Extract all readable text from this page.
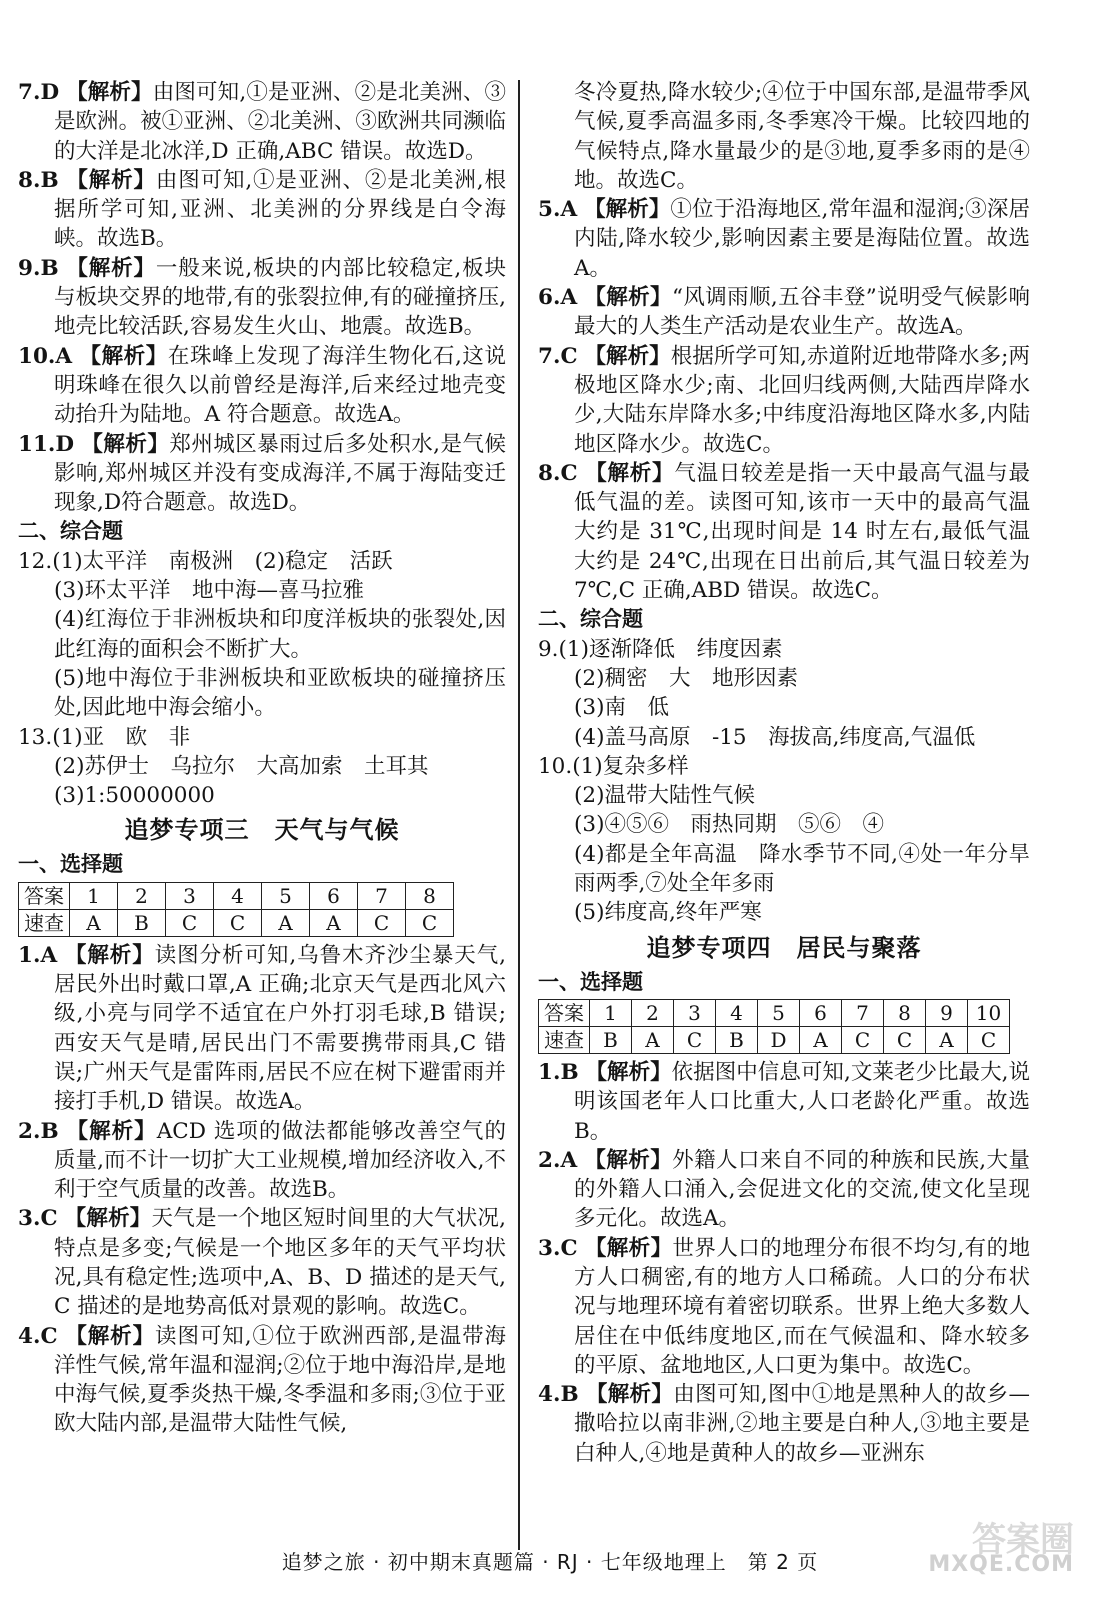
7.D 【解析】由图可知,①是亚洲、②是北美洲、③是欧洲。被①亚洲、②北美洲、③欧洲共同濒临的大洋是北冰洋,D 正确,ABC 错误。故选D。
8.B 【解析】由图可知,①是亚洲、②是北美洲,根据所学可知,亚洲、北美洲的分界线是白令海峡。故选B。
9.B 【解析】一般来说,板块的内部比较稳定,板块与板块交界的地带,有的张裂拉伸,有的碰撞挤压,地壳比较活跃,容易发生火山、地震。故选B。
10.A 【解析】在珠峰上发现了海洋生物化石,这说明珠峰在很久以前曾经是海洋,后来经过地壳变动抬升为陆地。A 符合题意。故选A。
11.D 【解析】郑州城区暴雨过后多处积水,是气候影响,郑州城区并没有变成海洋,不属于海陆变迁现象,D符合题意。故选D。
二、综合题
12.(1)太平洋　南极洲　(2)稳定　活跃
(3)环太平洋　地中海—喜马拉雅
(4)红海位于非洲板块和印度洋板块的张裂处,因此红海的面积会不断扩大。
(5)地中海位于非洲板块和亚欧板块的碰撞挤压处,因此地中海会缩小。
13.(1)亚　欧　非
(2)苏伊士　乌拉尔　大高加索　土耳其
(3)1:50000000
追梦专项三　天气与气候
一、选择题
答案	1	2	3	4	5	6	7	8
速查	A	B	C	C	A	A	C	C
1.A 【解析】读图分析可知,乌鲁木齐沙尘暴天气,居民外出时戴口罩,A 正确;北京天气是西北风六级,小亮与同学不适宜在户外打羽毛球,B 错误;西安天气是晴,居民出门不需要携带雨具,C 错误;广州天气是雷阵雨,居民不应在树下避雷雨并接打手机,D 错误。故选A。
2.B 【解析】ACD 选项的做法都能够改善空气的质量,而不计一切扩大工业规模,增加经济收入,不利于空气质量的改善。故选B。
3.C 【解析】天气是一个地区短时间里的大气状况,特点是多变;气候是一个地区多年的天气平均状况,具有稳定性;选项中,A、B、D 描述的是天气,C 描述的是地势高低对景观的影响。故选C。
4.C 【解析】读图可知,①位于欧洲西部,是温带海洋性气候,常年温和湿润;②位于地中海沿岸,是地中海气候,夏季炎热干燥,冬季温和多雨;③位于亚欧大陆内部,是温带大陆性气候,
冬冷夏热,降水较少;④位于中国东部,是温带季风气候,夏季高温多雨,冬季寒冷干燥。比较四地的气候特点,降水量最少的是③地,夏季多雨的是④地。故选C。
5.A 【解析】①位于沿海地区,常年温和湿润;③深居内陆,降水较少,影响因素主要是海陆位置。故选A。
6.A 【解析】“风调雨顺,五谷丰登”说明受气候影响最大的人类生产活动是农业生产。故选A。
7.C 【解析】根据所学可知,赤道附近地带降水多;两极地区降水少;南、北回归线两侧,大陆西岸降水少,大陆东岸降水多;中纬度沿海地区降水多,内陆地区降水少。故选C。
8.C 【解析】气温日较差是指一天中最高气温与最低气温的差。读图可知,该市一天中的最高气温大约是 31℃,出现时间是 14 时左右,最低气温大约是 24℃,出现在日出前后,其气温日较差为 7℃,C 正确,ABD 错误。故选C。
二、综合题
9.(1)逐渐降低　纬度因素
(2)稠密　大　地形因素
(3)南　低
(4)盖马高原　-15　海拔高,纬度高,气温低
10.(1)复杂多样
(2)温带大陆性气候
(3)④⑤⑥　雨热同期　⑤⑥　④
(4)都是全年高温　降水季节不同,④处一年分旱雨两季,⑦处全年多雨
(5)纬度高,终年严寒
追梦专项四　居民与聚落
一、选择题
答案	1	2	3	4	5	6	7	8	9	10
速查	B	A	C	B	D	A	C	C	A	C
1.B 【解析】依据图中信息可知,文莱老少比最大,说明该国老年人口比重大,人口老龄化严重。故选B。
2.A 【解析】外籍人口来自不同的种族和民族,大量的外籍人口涌入,会促进文化的交流,使文化呈现多元化。故选A。
3.C 【解析】世界人口的地理分布很不均匀,有的地方人口稠密,有的地方人口稀疏。人口的分布状况与地理环境有着密切联系。世界上绝大多数人居住在中低纬度地区,而在气候温和、降水较多的平原、盆地地区,人口更为集中。故选C。
4.B 【解析】由图可知,图中①地是黑种人的故乡—撒哈拉以南非洲,②地主要是白种人,③地主要是白种人,④地是黄种人的故乡—亚洲东
追梦之旅 · 初中期末真题篇 · RJ · 七年级地理上　第 2 页
答案圈
MXQE.COM
